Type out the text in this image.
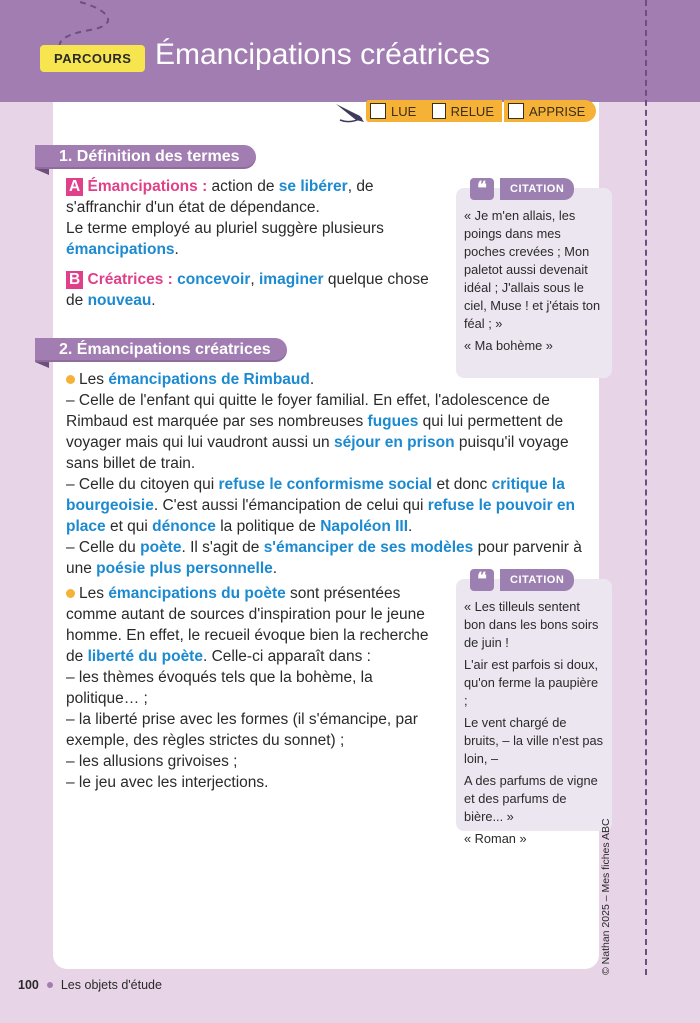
PARCOURS Émancipations créatrices
LUE	RELUE	APPRISE
1. Définition des termes

A Émancipations : action de se libérer, de s'affranchir d'un état de dépendance.
Le terme employé au pluriel suggère plusieurs émancipations.

B Créatrices : concevoir, imaginer quelque chose de nouveau.

❝	CITATION

« Je m'en allais, les poings dans mes poches crevées ; Mon paletot aussi devenait idéal ; J'allais sous le ciel, Muse ! et j'étais ton féal ; »

« Ma bohème »

2. Émancipations créatrices

Les émancipations de Rimbaud.
– Celle de l'enfant qui quitte le foyer familial. En effet, l'adolescence de Rimbaud est marquée par ses nombreuses fugues qui lui permettent de voyager mais qui lui vaudront aussi un séjour en prison puisqu'il voyage sans billet de train.
– Celle du citoyen qui refuse le conformisme social et donc critique la bourgeoisie. C'est aussi l'émancipation de celui qui refuse le pouvoir en place et qui dénonce la politique de Napoléon III.
– Celle du poète. Il s'agit de s'émanciper de ses modèles pour parvenir à une poésie plus personnelle.

Les émancipations du poète sont présentées comme autant de sources d'inspiration pour le jeune homme. En effet, le recueil évoque bien la recherche de liberté du poète. Celle-ci apparaît dans :
– les thèmes évoqués tels que la bohème, la politique… ;
– la liberté prise avec les formes (il s'émancipe, par exemple, des règles strictes du sonnet) ;
– les allusions grivoises ;
– le jeu avec les interjections.

❝	CITATION

« Les tilleuls sentent bon dans les bons soirs de juin !

L'air est parfois si doux, qu'on ferme la paupière ;

Le vent chargé de bruits, – la ville n'est pas loin, –

A des parfums de vigne et des parfums de bière... »

« Roman »

100 Les objets d'étude
© Nathan 2025 – Mes fiches ABC
